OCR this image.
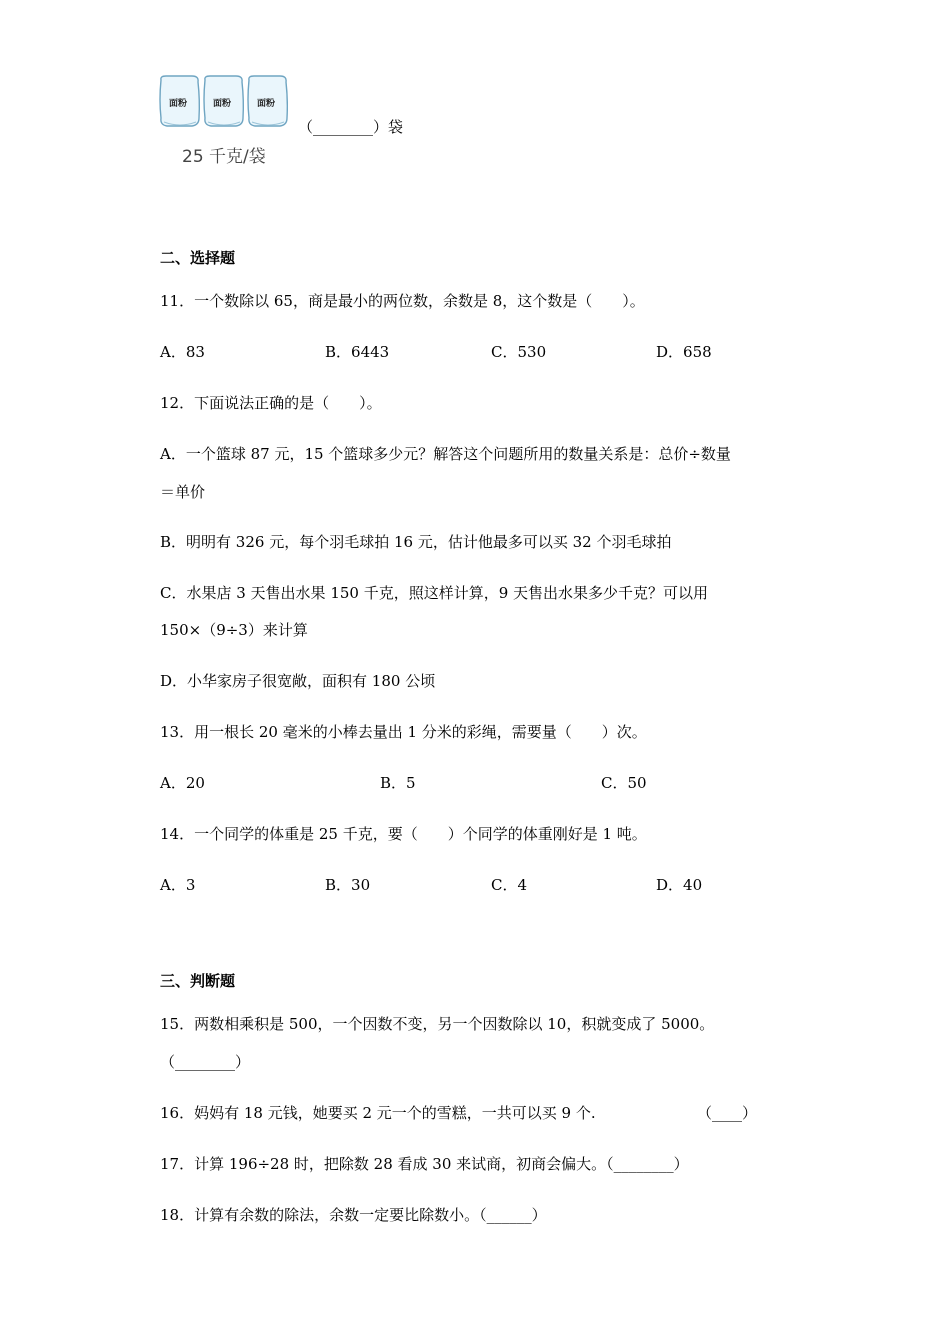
面粉	面粉	面粉
（________）袋
25 千克/袋
二、选择题
11．一个数除以 65，商是最小的两位数，余数是 8，这个数是（　　）。
A．83	B．6443	C．530	D．658
12．下面说法正确的是（　　）。
A．一个篮球 87 元，15 个篮球多少元？解答这个问题所用的数量关系是：总价÷数量
＝单价
B．明明有 326 元，每个羽毛球拍 16 元，估计他最多可以买 32 个羽毛球拍
C．水果店 3 天售出水果 150 千克，照这样计算，9 天售出水果多少千克？可以用
150×（9÷3）来计算
D．小华家房子很宽敞，面积有 180 公顷
13．用一根长 20 毫米的小棒去量出 1 分米的彩绳，需要量（　　）次。
A．20	B．5	C．50
14．一个同学的体重是 25 千克，要（　　）个同学的体重刚好是 1 吨。
A．3	B．30	C．4	D．40
三、判断题
15．两数相乘积是 500，一个因数不变，另一个因数除以 10，积就变成了 5000。
（________）
16．妈妈有 18 元钱，她要买 2 元一个的雪糕，一共可以买 9 个.	（____）
17．计算 196÷28 时，把除数 28 看成 30 来试商，初商会偏大。（________）
18．计算有余数的除法，余数一定要比除数小。（______）
